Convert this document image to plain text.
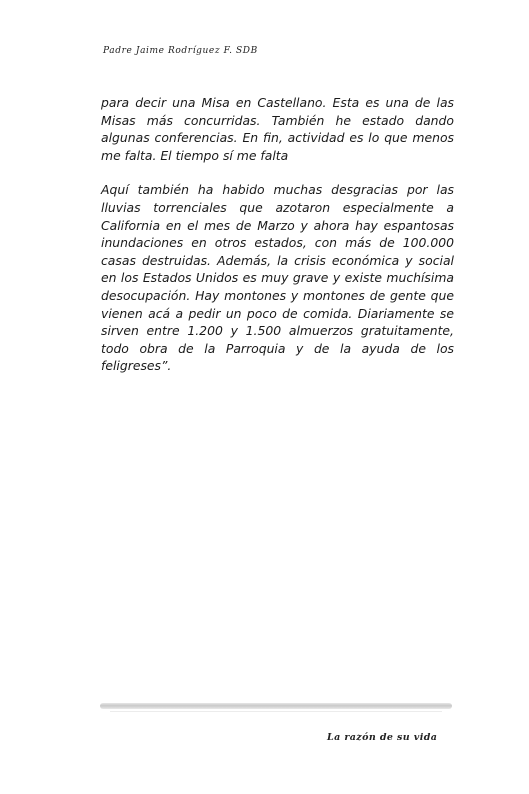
Padre Jaime Rodríguez F. SDB

para decir una Misa en Castellano. Esta es una de las Misas más concurridas. También he estado dando algunas conferencias. En fin, actividad es lo que menos me falta. El tiempo sí me falta

Aquí también ha habido muchas desgracias por las lluvias torrenciales que azotaron especialmente a California en el mes de Marzo y ahora hay espantosas inundaciones en otros estados, con más de 100.000 casas destruidas. Además, la crisis económica y social en los Estados Unidos es muy grave y existe muchísima desocupación. Hay montones y montones de gente que vienen acá a pedir un poco de comida. Diariamente se sirven entre 1.200 y 1.500 almuerzos gratuitamente, todo obra de la Parroquia y de la ayuda de los feligreses”.

La razón de su vida
